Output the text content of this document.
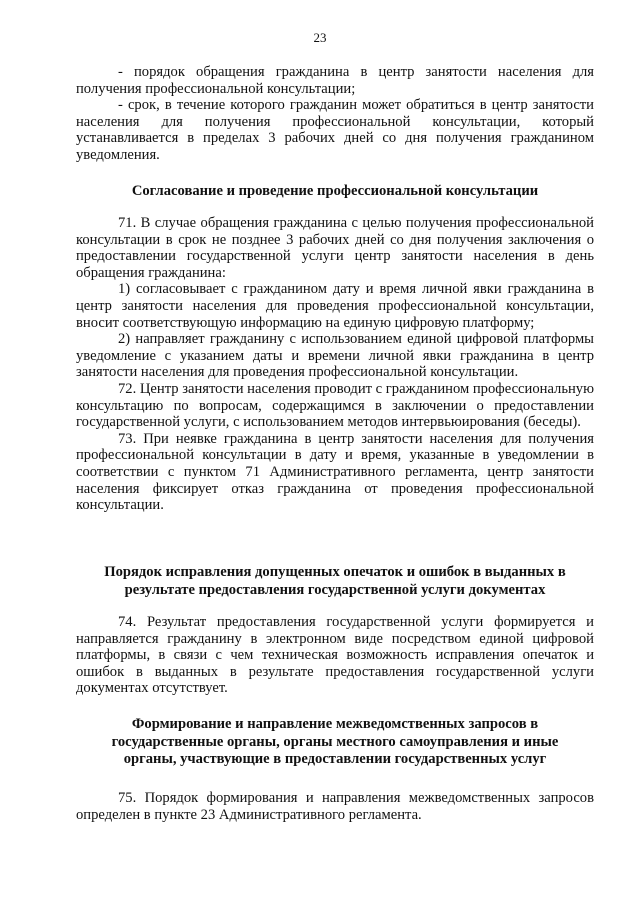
23

- порядок обращения гражданина в центр занятости населения для получения профессиональной консультации;

- срок, в течение которого гражданин может обратиться в центр занятости населения для получения профессиональной консультации, который устанавливается в пределах 3 рабочих дней со дня получения гражданином уведомления.

Согласование и проведение профессиональной консультации

71. В случае обращения гражданина с целью получения профессиональной консультации в срок не позднее 3 рабочих дней со дня получения заключения о предоставлении государственной услуги центр занятости населения в день обращения гражданина:

1) согласовывает с гражданином дату и время личной явки гражданина в центр занятости населения для проведения профессиональной консультации, вносит соответствующую информацию на единую цифровую платформу;

2) направляет гражданину с использованием единой цифровой платформы уведомление с указанием даты и времени личной явки гражданина в центр занятости населения для проведения профессиональной консультации.

72. Центр занятости населения проводит с гражданином профессиональную консультацию по вопросам, содержащимся в заключении о предоставлении государственной услуги, с использованием методов интервьюирования (беседы).

73. При неявке гражданина в центр занятости населения для получения профессиональной консультации в дату и время, указанные в уведомлении в соответствии с пунктом 71 Административного регламента, центр занятости населения фиксирует отказ гражданина от проведения профессиональной консультации.

Порядок исправления допущенных опечаток и ошибок в выданных в
результате предоставления государственной услуги документах

74. Результат предоставления государственной услуги формируется и направляется гражданину в электронном виде посредством единой цифровой платформы, в связи с чем техническая возможность исправления опечаток и ошибок в выданных в результате предоставления государственной услуги документах отсутствует.

Формирование и направление межведомственных запросов в
государственные органы, органы местного самоуправления и иные
органы, участвующие в предоставлении государственных услуг

75. Порядок формирования и направления межведомственных запросов определен в пункте 23 Административного регламента.
